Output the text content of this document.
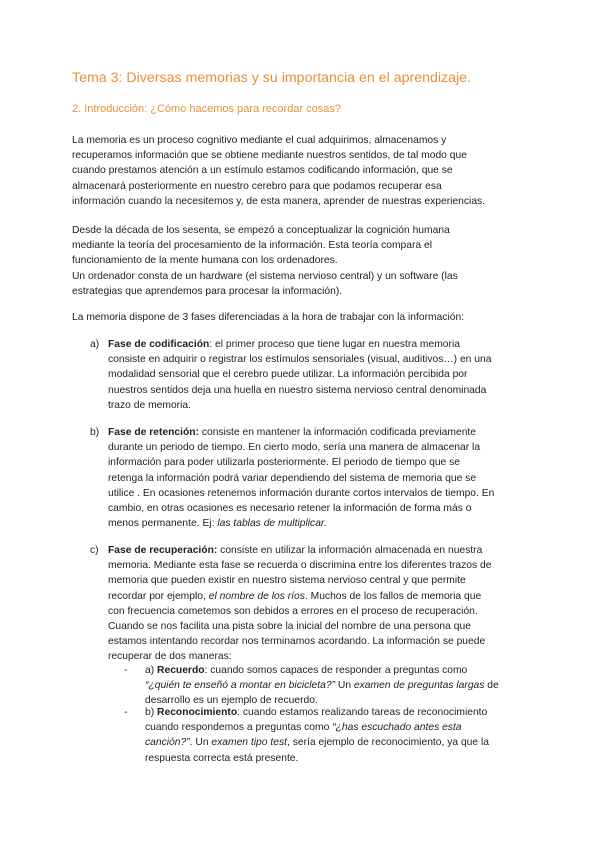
Tema 3: Diversas memorias y su importancia en el aprendizaje.
2. Introducción: ¿Cómo hacemos para recordar cosas?
La memoria es un proceso cognitivo mediante el cual adquirimos, almacenamos y
recuperamos información que se obtiene mediante nuestros sentidos, de tal modo que
cuando prestamos atención a un estímulo estamos codificando información, que se
almacenará posteriormente en nuestro cerebro para que podamos recuperar esa
información cuando la necesitemos y, de esta manera, aprender de nuestras experiencias.
Desde la década de los sesenta, se empezó a conceptualizar la cognición humana
mediante la teoría del procesamiento de la información. Esta teoría compara el
funcionamiento de la mente humana con los ordenadores.
Un ordenador consta de un hardware (el sistema nervioso central) y un software (las
estrategias que aprendemos para procesar la información).
La memoria dispone de 3 fases diferenciadas a la hora de trabajar con la información:
a) Fase de codificación: el primer proceso que tiene lugar en nuestra memoria
consiste en adquirir o registrar los estímulos sensoriales (visual, auditivos…) en una
modalidad sensorial que el cerebro puede utilizar. La información percibida por
nuestros sentidos deja una huella en nuestro sistema nervioso central denominada
trazo de memoria.
b) Fase de retención: consiste en mantener la información codificada previamente
durante un periodo de tiempo. En cierto modo, sería una manera de almacenar la
información para poder utilizarla posteriormente. El periodo de tiempo que se
retenga la información podrá variar dependiendo del sistema de memoria que se
utilice . En ocasiones retenemos información durante cortos intervalos de tiempo. En
cambio, en otras ocasiones es necesario retener la información de forma más o
menos permanente. Ej: las tablas de multiplicar.
c) Fase de recuperación: consiste en utilizar la información almacenada en nuestra
memoria. Mediante esta fase se recuerda o discrimina entre los diferentes trazos de
memoria que pueden existir en nuestro sistema nervioso central y que permite
recordar por ejemplo, el nombre de los ríos. Muchos de los fallos de memoria que
con frecuencia cometemos son debidos a errores en el proceso de recuperación.
Cuando se nos facilita una pista sobre la inicial del nombre de una persona que
estamos intentando recordar nos terminamos acordando. La información se puede
recuperar de dos maneras:
- a) Recuerdo: cuando somos capaces de responder a preguntas como
“¿quién te enseñó a montar en bicicleta?” Un examen de preguntas largas de
desarrollo es un ejemplo de recuerdo.
- b) Reconocimiento: cuando estamos realizando tareas de reconocimiento
cuando respondemos a preguntas como “¿has escuchado antes esta
canción?”. Un examen tipo test, sería ejemplo de reconocimiento, ya que la
respuesta correcta está presente.
